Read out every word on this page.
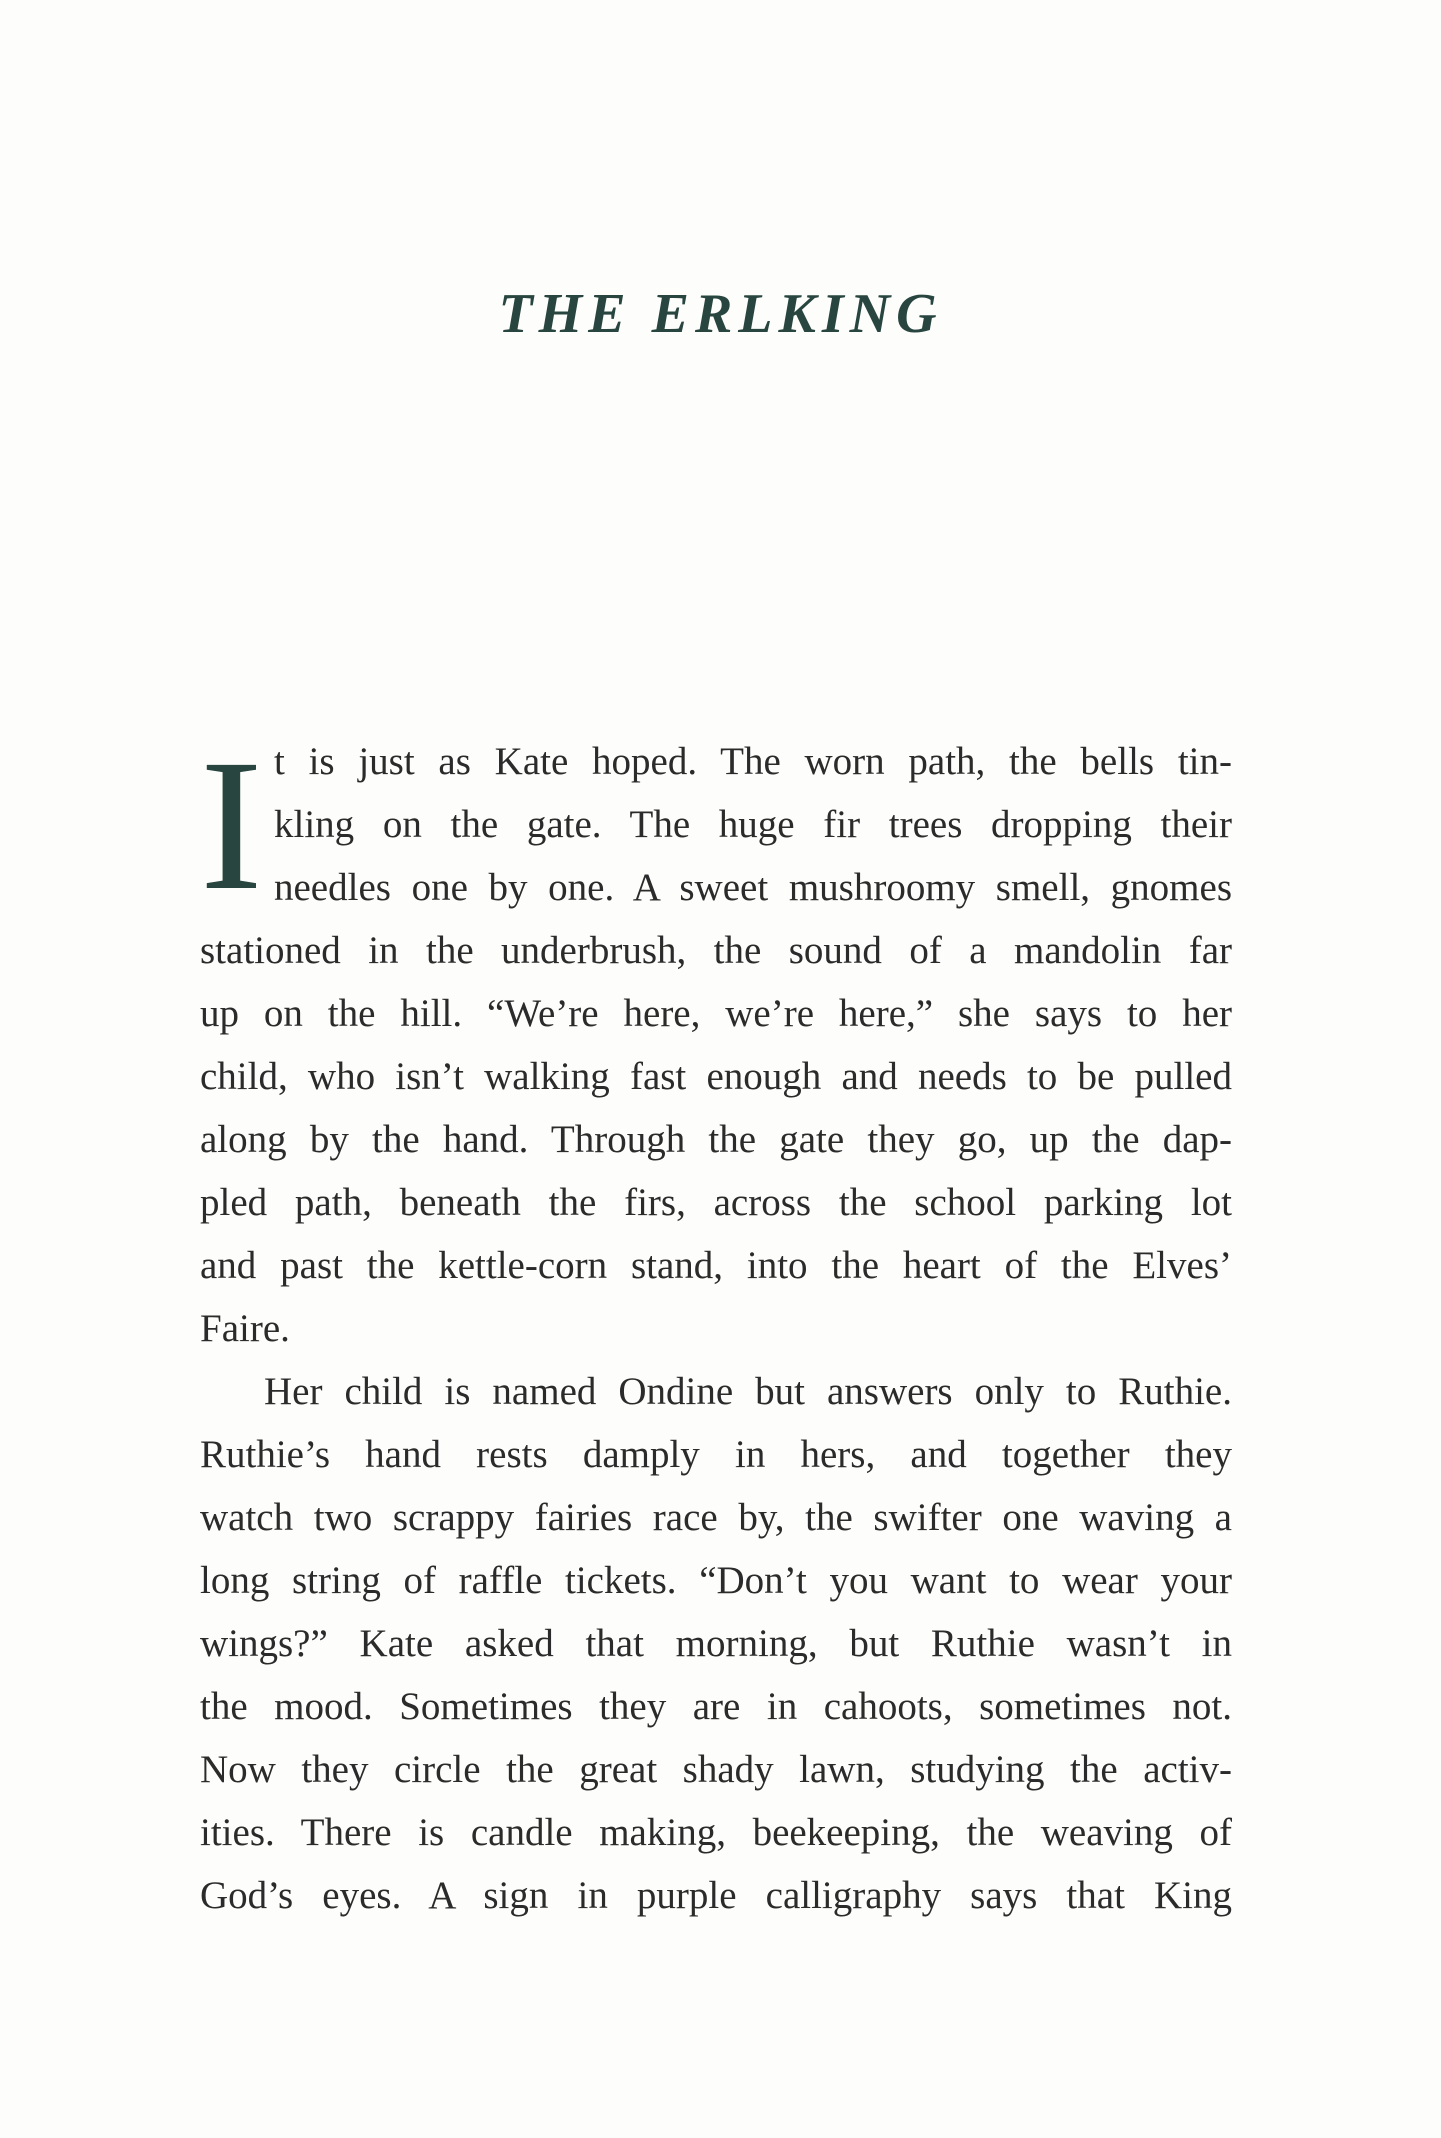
THE ERLKING
I t is just as Kate hoped. The worn path, the bells tin-
kling on the gate. The huge fir trees dropping their
needles one by one. A sweet mushroomy smell, gnomes
stationed in the underbrush, the sound of a mandolin far
up on the hill. “We’re here, we’re here,” she says to her
child, who isn’t walking fast enough and needs to be pulled
along by the hand. Through the gate they go, up the dap-
pled path, beneath the firs, across the school parking lot
and past the kettle-corn stand, into the heart of the Elves’
Faire.
Her child is named Ondine but answers only to Ruthie.
Ruthie’s hand rests damply in hers, and together they
watch two scrappy fairies race by, the swifter one waving a
long string of raffle tickets. “Don’t you want to wear your
wings?” Kate asked that morning, but Ruthie wasn’t in
the mood. Sometimes they are in cahoots, sometimes not.
Now they circle the great shady lawn, studying the activ-
ities. There is candle making, beekeeping, the weaving of
God’s eyes. A sign in purple calligraphy says that King
